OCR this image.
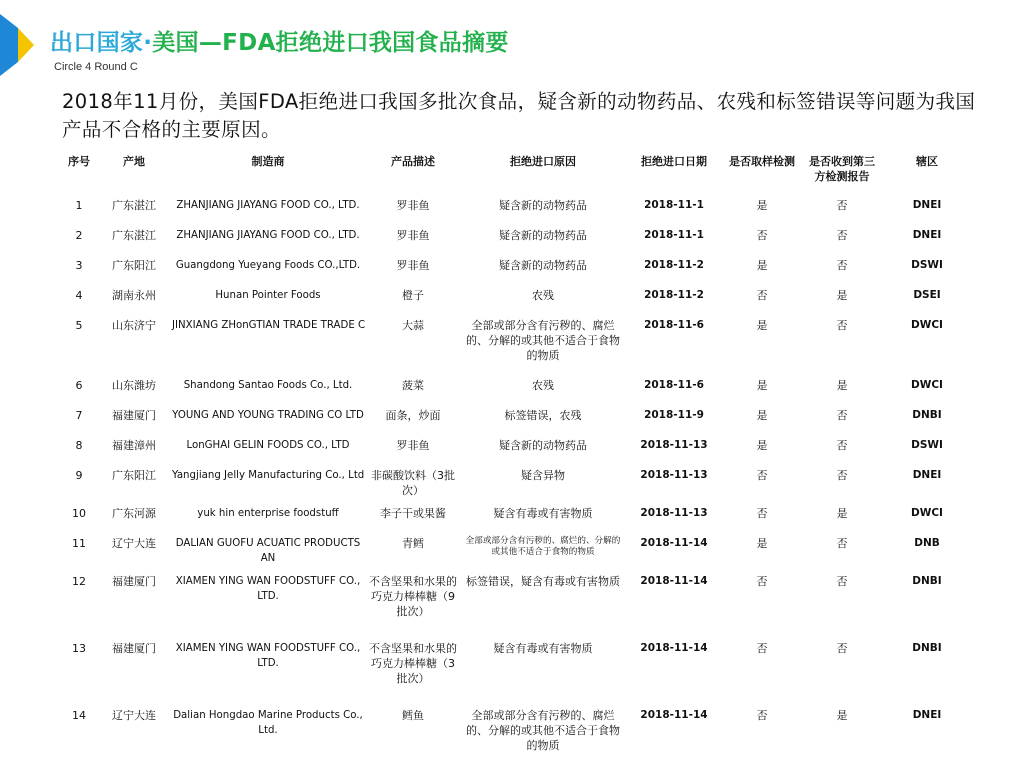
出口国家·美国—FDA拒绝进口我国食品摘要
Circle 4 Round C
2018年11月份，美国FDA拒绝进口我国多批次食品，疑含新的动物药品、农残和标签错误等问题为我国产品不合格的主要原因。
序号	产地	制造商	产品描述	拒绝进口原因	拒绝进口日期	是否取样检测	是否收到第三方检测报告	辖区
1	广东湛江	ZHANJIANG JIAYANG FOOD CO., LTD.	罗非鱼	疑含新的动物药品	2018-11-1	是	否	DNEI
2	广东湛江	ZHANJIANG JIAYANG FOOD CO., LTD.	罗非鱼	疑含新的动物药品	2018-11-1	否	否	DNEI
3	广东阳江	Guangdong Yueyang Foods CO.,LTD.	罗非鱼	疑含新的动物药品	2018-11-2	是	否	DSWI
4	湖南永州	Hunan Pointer Foods	橙子	农残	2018-11-2	否	是	DSEI
5	山东济宁	JINXIANG ZHonGTIAN TRADE TRADE C	大蒜	全部或部分含有污秽的、腐烂的、分解的或其他不适合于食物的物质	2018-11-6	是	否	DWCI
6	山东潍坊	Shandong Santao Foods Co., Ltd.	菠菜	农残	2018-11-6	是	是	DWCI
7	福建厦门	YOUNG AND YOUNG TRADING CO LTD	面条，炒面	标签错误，农残	2018-11-9	是	否	DNBI
8	福建漳州	LonGHAI GELIN FOODS CO., LTD	罗非鱼	疑含新的动物药品	2018-11-13	是	否	DSWI
9	广东阳江	Yangjiang Jelly Manufacturing Co., Ltd	非碳酸饮料（3批次）	疑含异物	2018-11-13	否	否	DNEI
10	广东河源	yuk hin enterprise foodstuff	李子干或果酱	疑含有毒或有害物质	2018-11-13	否	是	DWCI
11	辽宁大连	DALIAN GUOFU ACUATIC PRODUCTS AN	青鳕	全部或部分含有污秽的、腐烂的、分解的或其他不适合于食物的物质	2018-11-14	是	否	DNB
12	福建厦门	XIAMEN YING WAN FOODSTUFF CO., LTD.	不含坚果和水果的巧克力棒棒糖（9批次）	标签错误，疑含有毒或有害物质	2018-11-14	否	否	DNBI
13	福建厦门	XIAMEN YING WAN FOODSTUFF CO., LTD.	不含坚果和水果的巧克力棒棒糖（3批次）	疑含有毒或有害物质	2018-11-14	否	否	DNBI
14	辽宁大连	Dalian Hongdao Marine Products Co., Ltd.	鳕鱼	全部或部分含有污秽的、腐烂的、分解的或其他不适合于食物的物质	2018-11-14	否	是	DNEI
